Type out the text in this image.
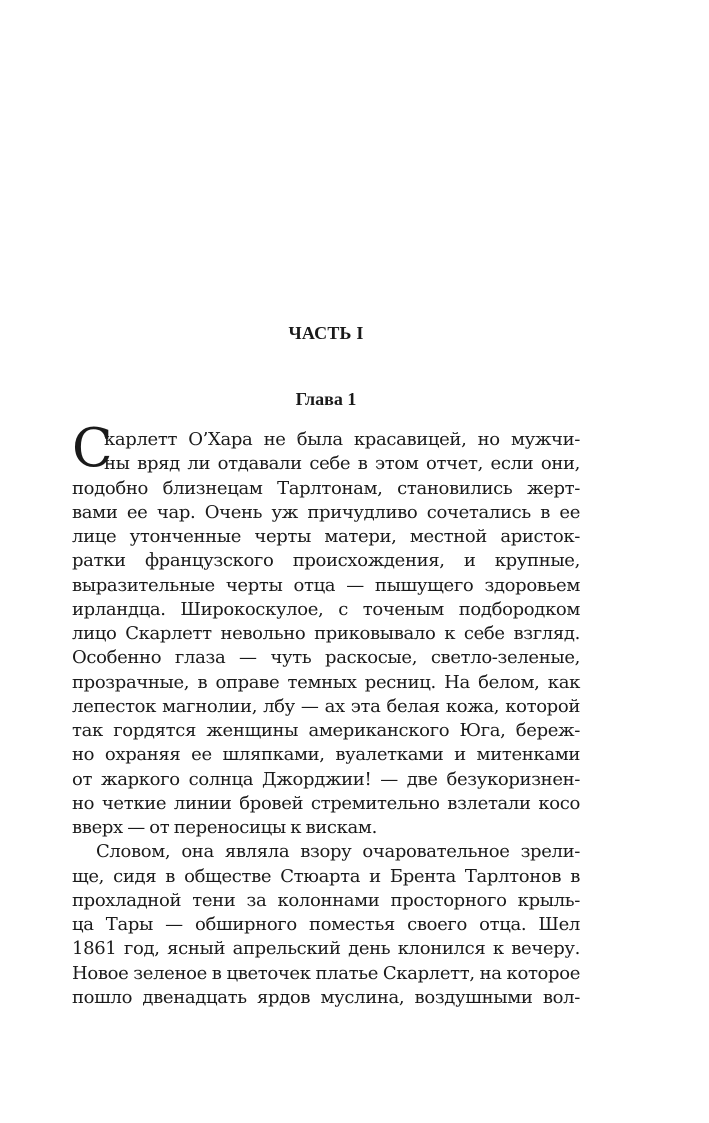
ЧАСТЬ I
Глава 1
С
карлетт О’Хара не была красавицей, но мужчи-
ны вряд ли отдавали себе в этом отчет, если они,
подобно близнецам Тарлтонам, становились жерт-
вами ее чар. Очень уж причудливо сочетались в ее
лице утонченные черты матери, местной аристок-
ратки французского происхождения, и крупные,
выразительные черты отца — пышущего здоровьем
ирландца. Широкоскулое, с точеным подбородком
лицо Скарлетт невольно приковывало к себе взгляд.
Особенно глаза — чуть раскосые, светло-зеленые,
прозрачные, в оправе темных ресниц. На белом, как
лепесток магнолии, лбу — ах эта белая кожа, которой
так гордятся женщины американского Юга, береж-
но охраняя ее шляпками, вуалетками и митенками
от жаркого солнца Джорджии! — две безукоризнен-
но четкие линии бровей стремительно взлетали косо
вверх — от переносицы к вискам.
Словом, она являла взору очаровательное зрели-
ще, сидя в обществе Стюарта и Брента Тарлтонов в
прохладной тени за колоннами просторного крыль-
ца Тары — обширного поместья своего отца. Шел
1861 год, ясный апрельский день клонился к вечеру.
Новое зеленое в цветочек платье Скарлетт, на которое
пошло двенадцать ярдов муслина, воздушными вол-
